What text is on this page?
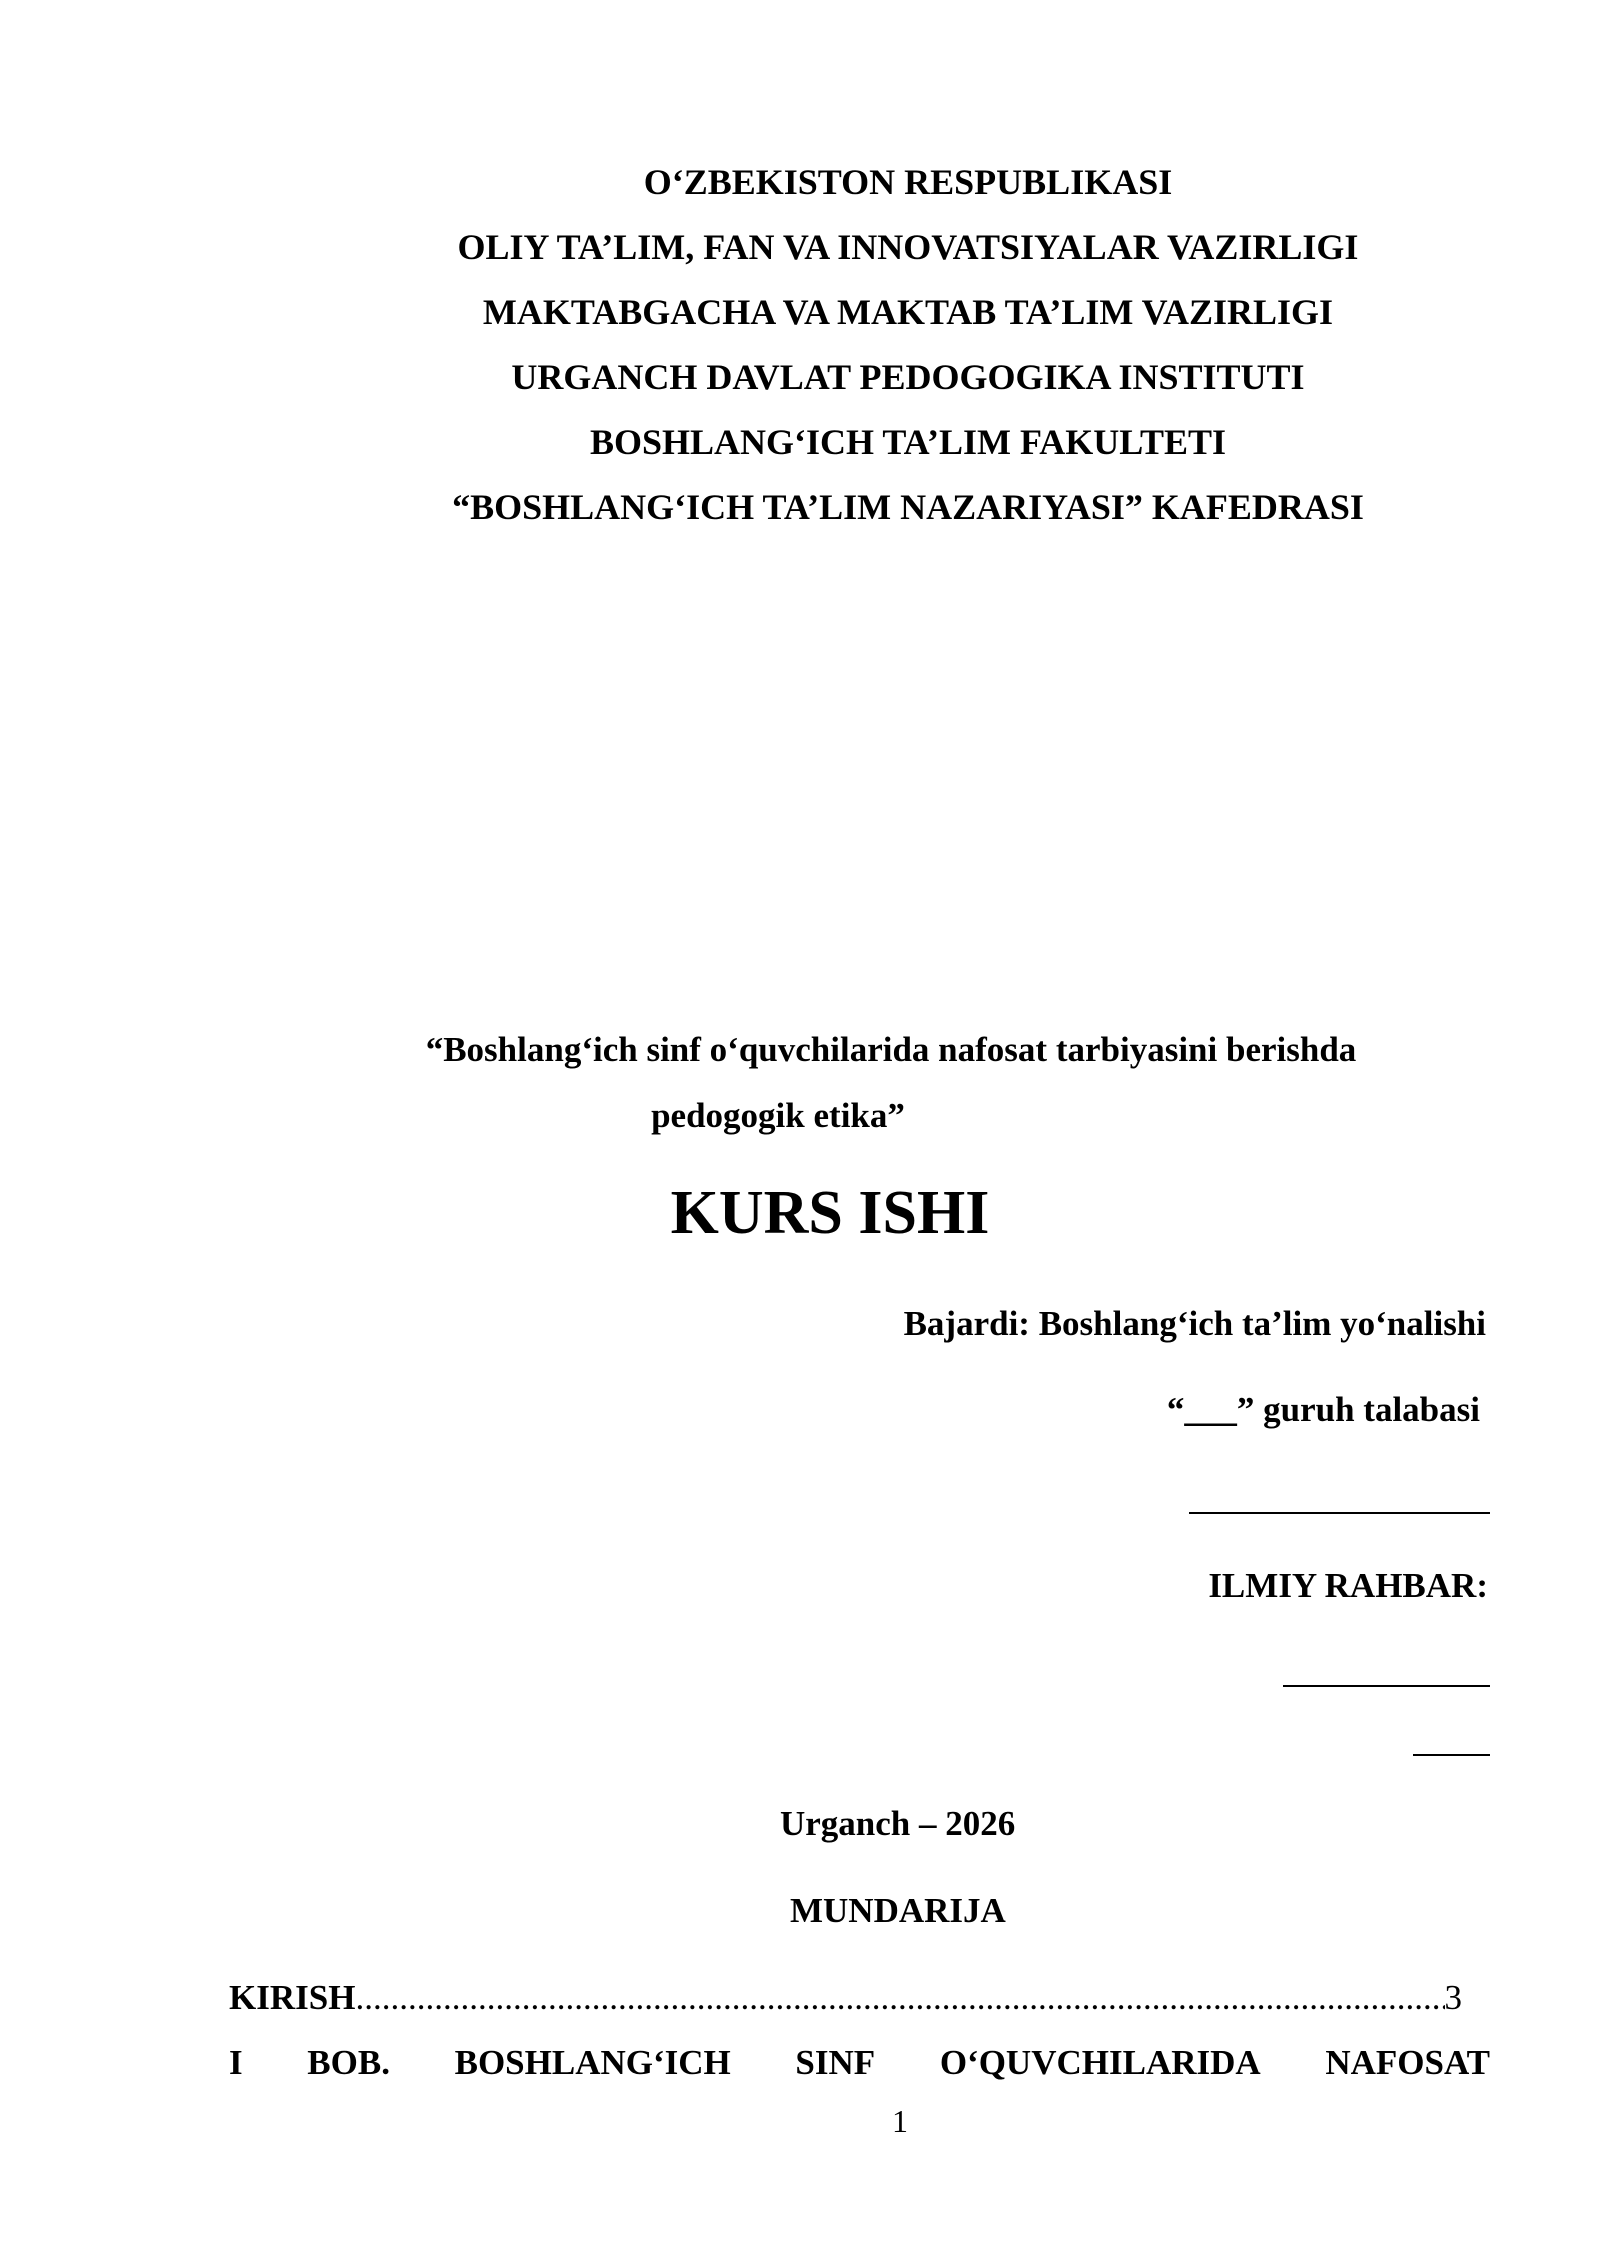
O‘ZBEKISTON RESPUBLIKASI
OLIY TA’LIM, FAN VA INNOVATSIYALAR VAZIRLIGI
MAKTABGACHA VA MAKTAB TA’LIM VAZIRLIGI
URGANCH DAVLAT PEDOGOGIKA INSTITUTI
BOSHLANG‘ICH TA’LIM FAKULTETI
“BOSHLANG‘ICH TA’LIM NAZARIYASI” KAFEDRASI
“Boshlang‘ich sinf o‘quvchilarida nafosat tarbiyasini berishda
pedogogik etika”
KURS ISHI
Bajardi: Boshlang‘ich ta’lim yo‘nalishi
“___” guruh talabasi
ILMIY RAHBAR:
Urganch – 2026
MUNDARIJA
KIRISH
.....	3
I BOB. BOSHLANG‘ICH SINF O‘QUVCHILARIDA NAFOSAT
1
